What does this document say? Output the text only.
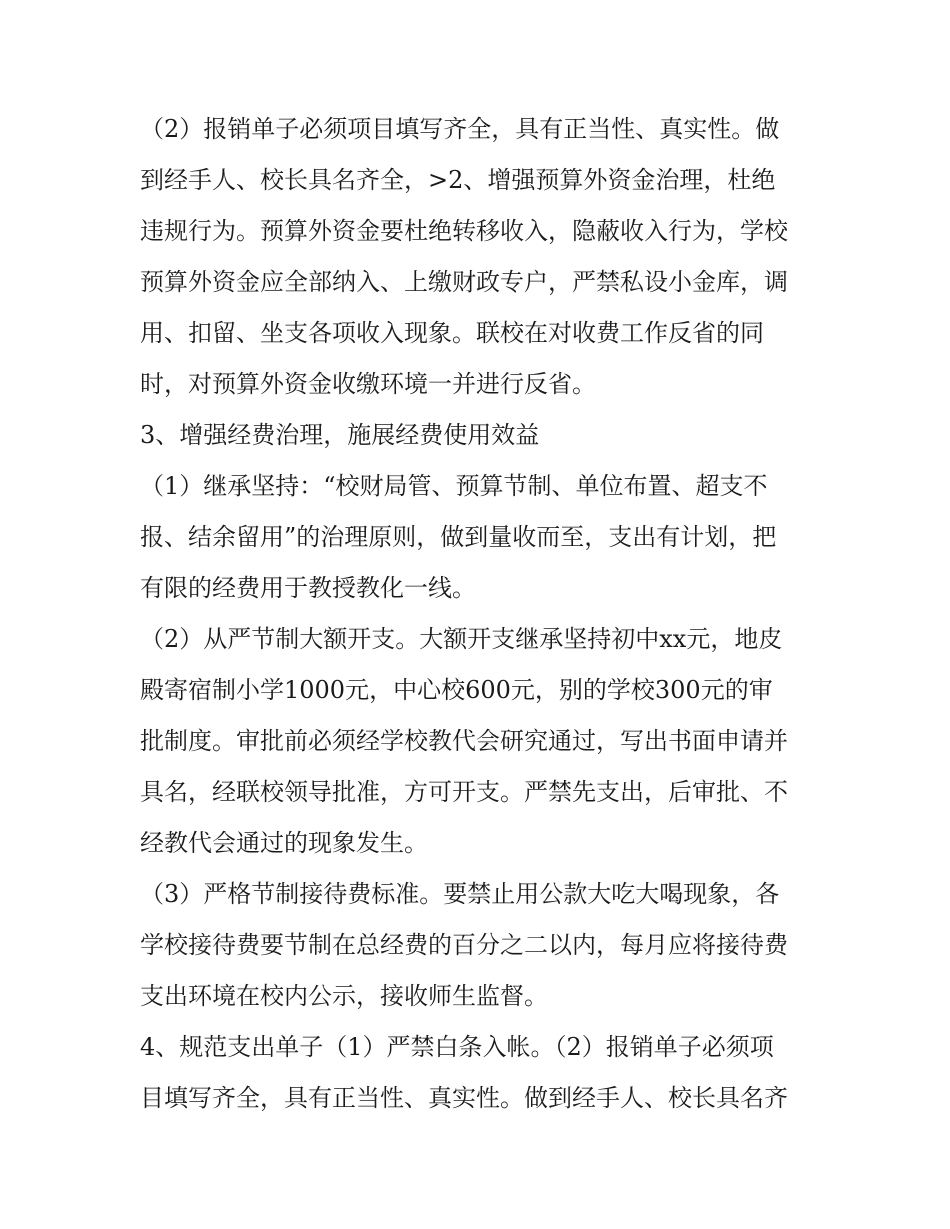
（2）报销单子必须项目填写齐全，具有正当性、真实性。做
到经手人、校长具名齐全，>2、增强预算外资金治理，杜绝
违规行为。预算外资金要杜绝转移收入，隐蔽收入行为，学校
预算外资金应全部纳入、上缴财政专户，严禁私设小金库，调
用、扣留、坐支各项收入现象。联校在对收费工作反省的同
时，对预算外资金收缴环境一并进行反省。
3、增强经费治理，施展经费使用效益
（1）继承坚持：“校财局管、预算节制、单位布置、超支不
报、结余留用”的治理原则，做到量收而至，支出有计划，把
有限的经费用于教授教化一线。
（2）从严节制大额开支。大额开支继承坚持初中xx元，地皮
殿寄宿制小学1000元，中心校600元，别的学校300元的审
批制度。审批前必须经学校教代会研究通过，写出书面申请并
具名，经联校领导批准，方可开支。严禁先支出，后审批、不
经教代会通过的现象发生。
（3）严格节制接待费标准。要禁止用公款大吃大喝现象，各
学校接待费要节制在总经费的百分之二以内，每月应将接待费
支出环境在校内公示，接收师生监督。
4、规范支出单子（1）严禁白条入帐。（2）报销单子必须项
目填写齐全，具有正当性、真实性。做到经手人、校长具名齐
